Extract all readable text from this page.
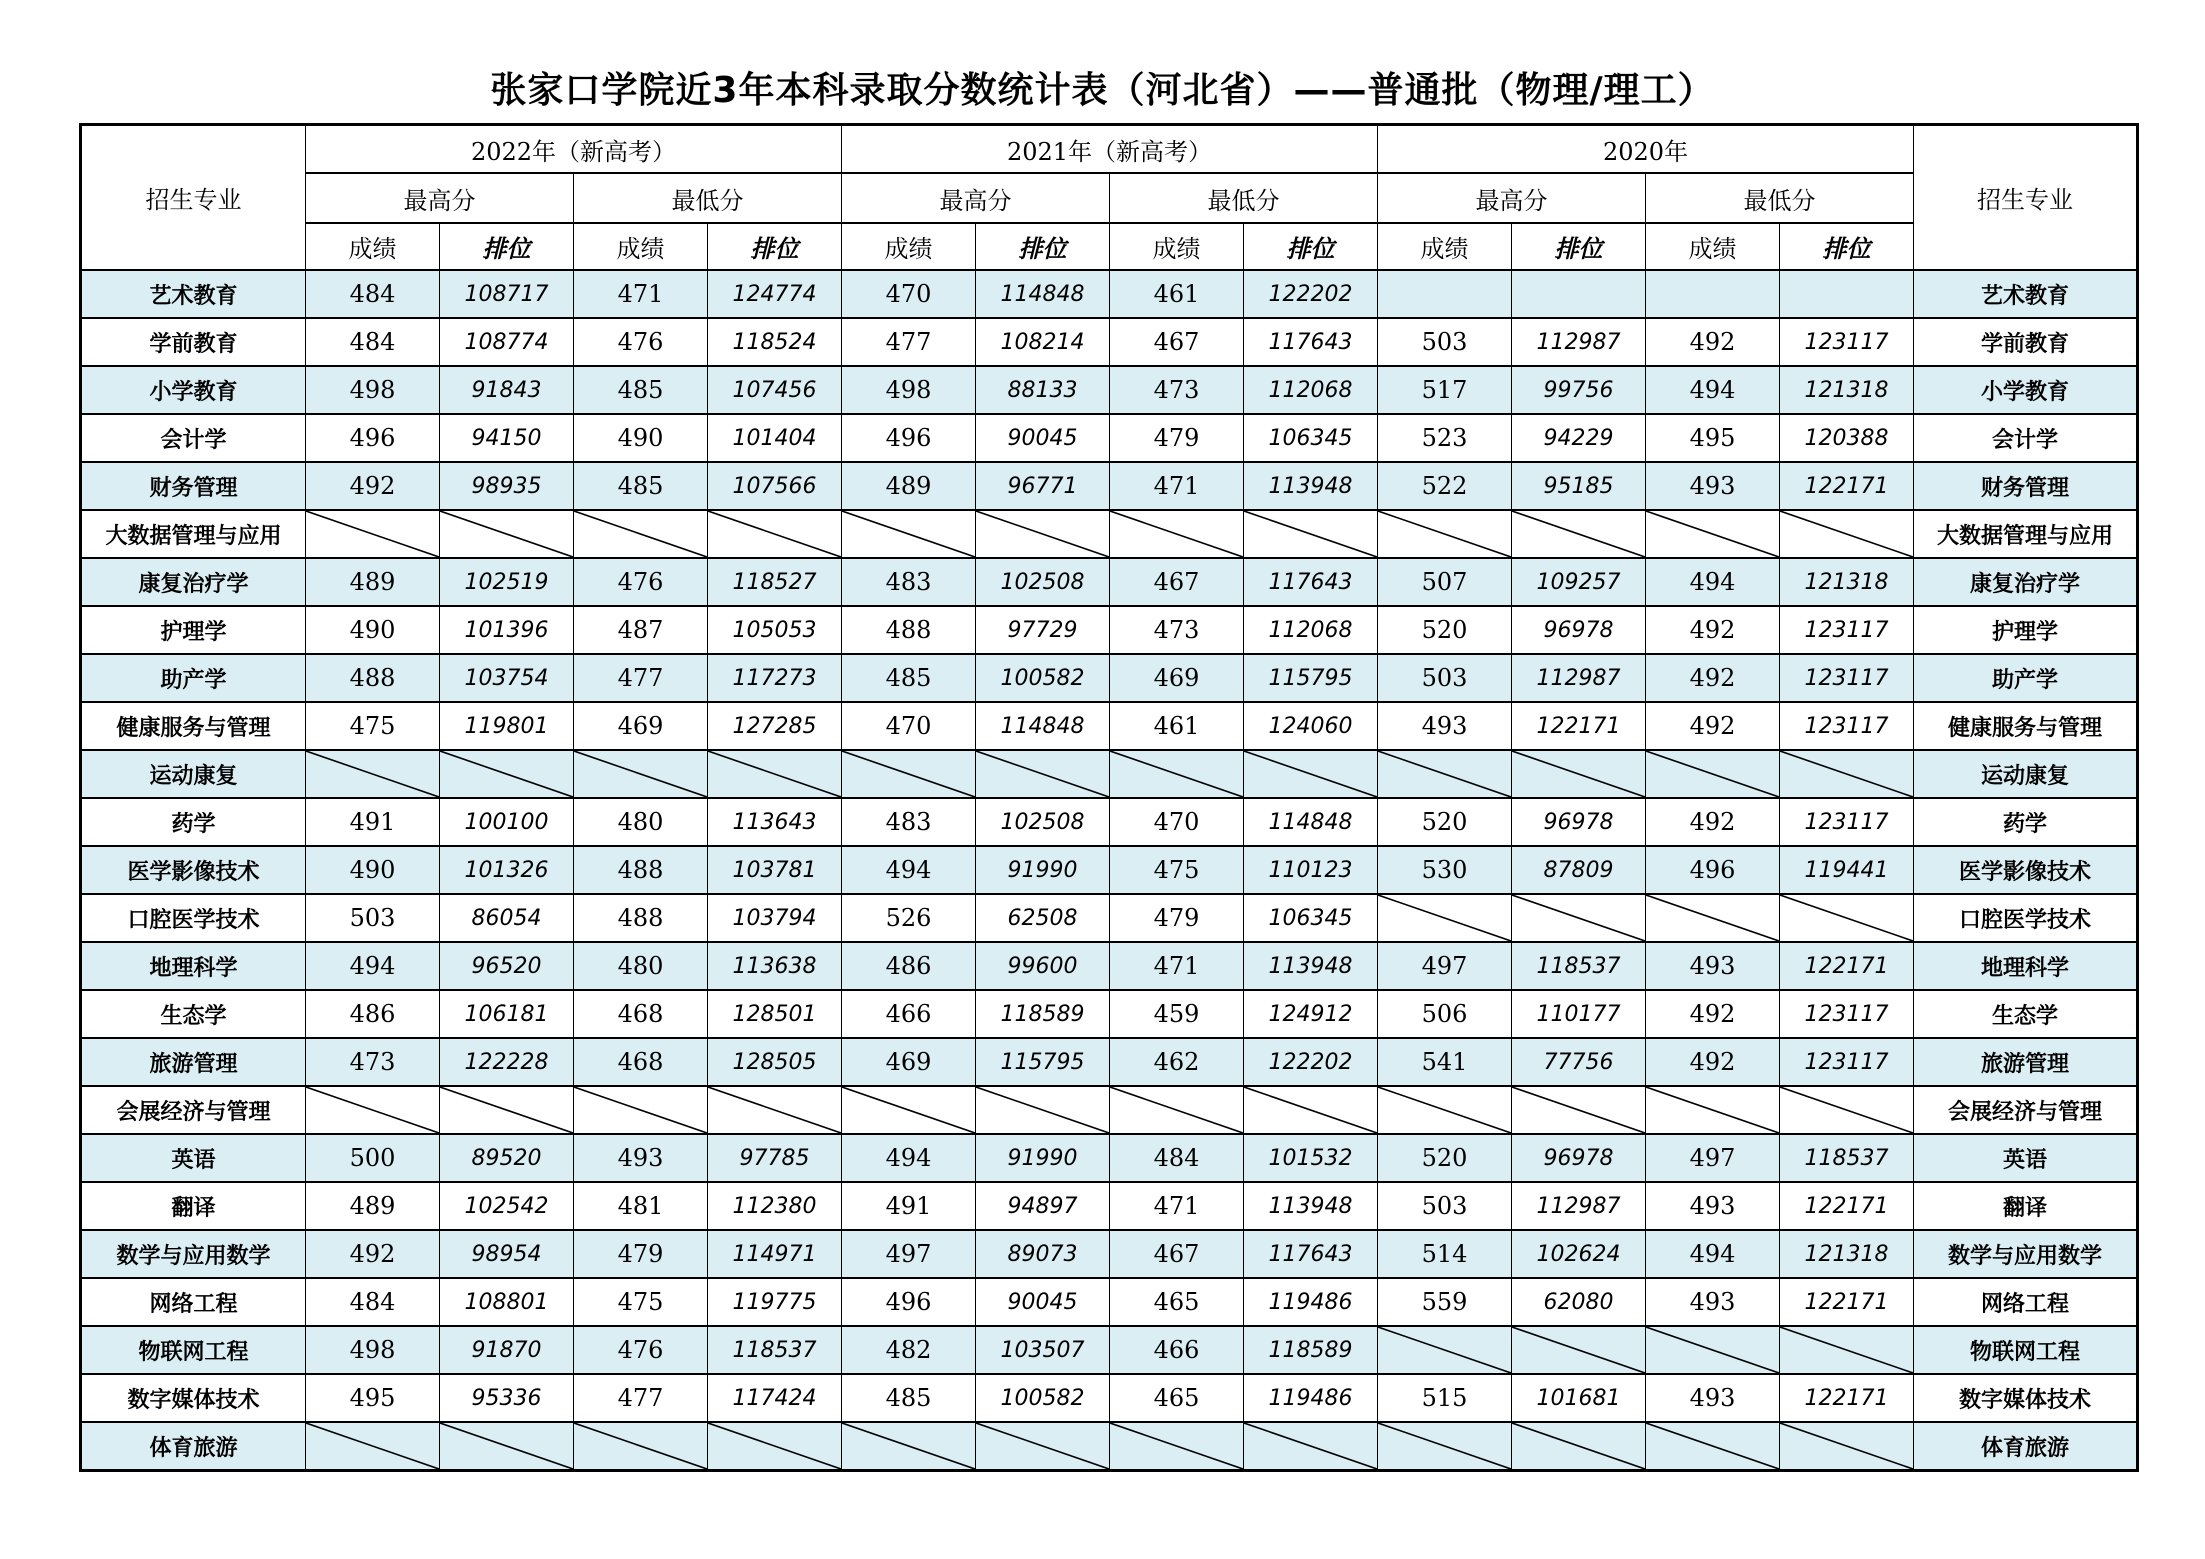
张家口学院近3年本科录取分数统计表（河北省）——普通批（物理/理工）
招生专业	2022年（新高考）				2021年（新高考）				2020年				招生专业
	最高分		最低分		最高分		最低分		最高分		最低分		
	成绩	排位	成绩	排位	成绩	排位	成绩	排位	成绩	排位	成绩	排位	
艺术教育	484	108717	471	124774	470	114848	461	122202					艺术教育
学前教育	484	108774	476	118524	477	108214	467	117643	503	112987	492	123117	学前教育
小学教育	498	91843	485	107456	498	88133	473	112068	517	99756	494	121318	小学教育
会计学	496	94150	490	101404	496	90045	479	106345	523	94229	495	120388	会计学
财务管理	492	98935	485	107566	489	96771	471	113948	522	95185	493	122171	财务管理
大数据管理与应用													大数据管理与应用
康复治疗学	489	102519	476	118527	483	102508	467	117643	507	109257	494	121318	康复治疗学
护理学	490	101396	487	105053	488	97729	473	112068	520	96978	492	123117	护理学
助产学	488	103754	477	117273	485	100582	469	115795	503	112987	492	123117	助产学
健康服务与管理	475	119801	469	127285	470	114848	461	124060	493	122171	492	123117	健康服务与管理
运动康复													运动康复
药学	491	100100	480	113643	483	102508	470	114848	520	96978	492	123117	药学
医学影像技术	490	101326	488	103781	494	91990	475	110123	530	87809	496	119441	医学影像技术
口腔医学技术	503	86054	488	103794	526	62508	479	106345					口腔医学技术
地理科学	494	96520	480	113638	486	99600	471	113948	497	118537	493	122171	地理科学
生态学	486	106181	468	128501	466	118589	459	124912	506	110177	492	123117	生态学
旅游管理	473	122228	468	128505	469	115795	462	122202	541	77756	492	123117	旅游管理
会展经济与管理													会展经济与管理
英语	500	89520	493	97785	494	91990	484	101532	520	96978	497	118537	英语
翻译	489	102542	481	112380	491	94897	471	113948	503	112987	493	122171	翻译
数学与应用数学	492	98954	479	114971	497	89073	467	117643	514	102624	494	121318	数学与应用数学
网络工程	484	108801	475	119775	496	90045	465	119486	559	62080	493	122171	网络工程
物联网工程	498	91870	476	118537	482	103507	466	118589					物联网工程
数字媒体技术	495	95336	477	117424	485	100582	465	119486	515	101681	493	122171	数字媒体技术
体育旅游													体育旅游
